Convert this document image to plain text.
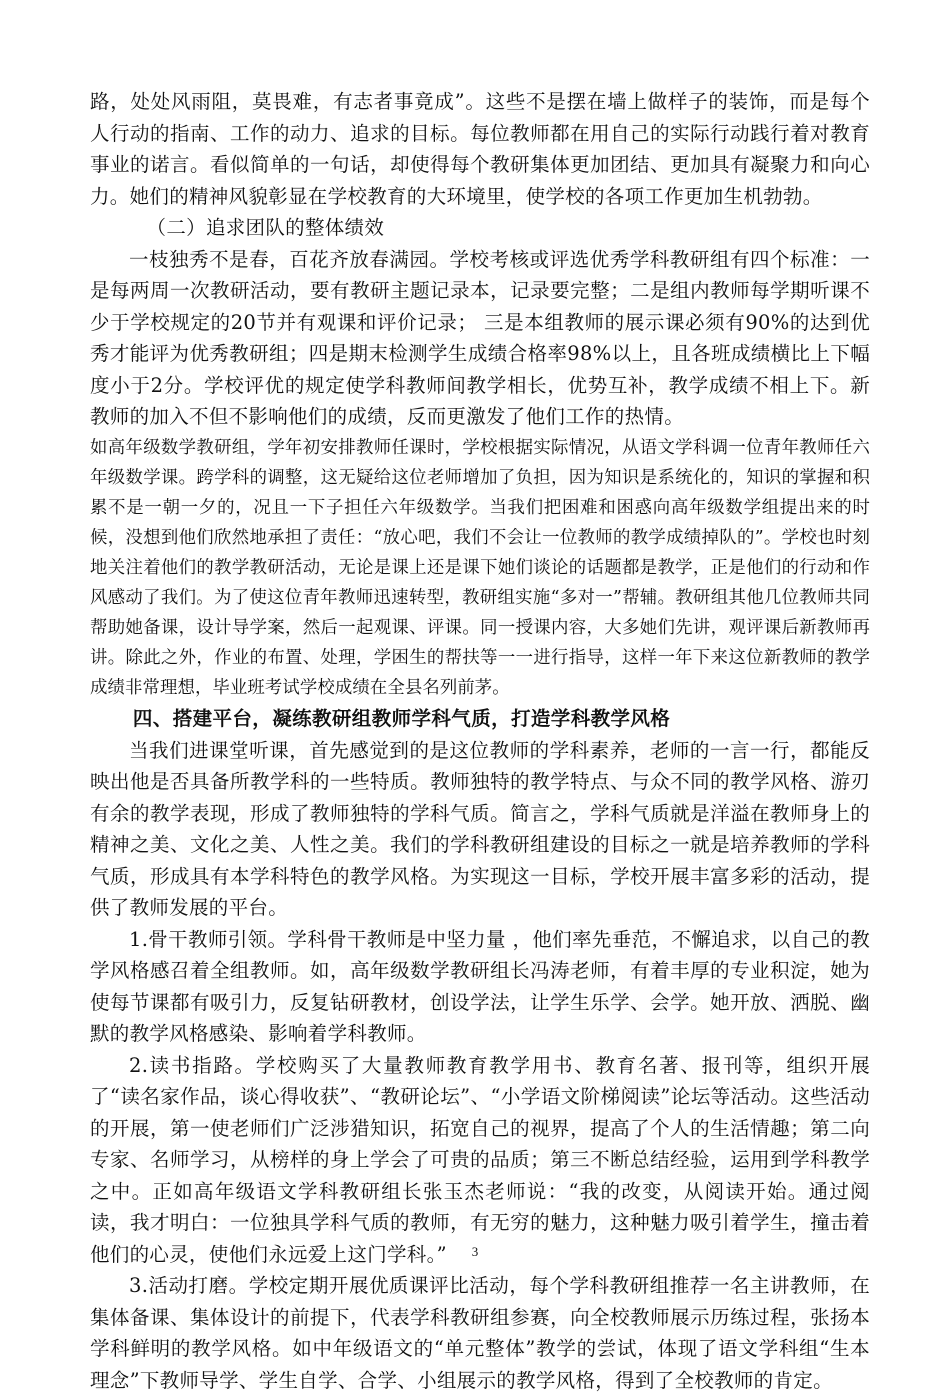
路，处处风雨阻，莫畏难，有志者事竟成”。这些不是摆在墙上做样子的装饰，而是每个人行动的指南、工作的动力、追求的目标。每位教师都在用自己的实际行动践行着对教育事业的诺言。看似简单的一句话，却使得每个教研集体更加团结、更加具有凝聚力和向心力。她们的精神风貌彰显在学校教育的大环境里，使学校的各项工作更加生机勃勃。

（二）追求团队的整体绩效

一枝独秀不是春，百花齐放春满园。学校考核或评选优秀学科教研组有四个标准：一是每两周一次教研活动，要有教研主题记录本，记录要完整；二是组内教师每学期听课不少于学校规定的20节并有观课和评价记录； 三是本组教师的展示课必须有90%的达到优秀才能评为优秀教研组；四是期末检测学生成绩合格率98%以上，且各班成绩横比上下幅度小于2分。学校评优的规定使学科教师间教学相长，优势互补，教学成绩不相上下。新教师的加入不但不影响他们的成绩，反而更激发了他们工作的热情。

如高年级数学教研组，学年初安排教师任课时，学校根据实际情况，从语文学科调一位青年教师任六年级数学课。跨学科的调整，这无疑给这位老师增加了负担，因为知识是系统化的，知识的掌握和积累不是一朝一夕的，况且一下子担任六年级数学。当我们把困难和困惑向高年级数学组提出来的时候，没想到他们欣然地承担了责任：“放心吧，我们不会让一位教师的教学成绩掉队的”。学校也时刻地关注着他们的教学教研活动，无论是课上还是课下她们谈论的话题都是教学，正是他们的行动和作风感动了我们。为了使这位青年教师迅速转型，教研组实施“多对一”帮辅。教研组其他几位教师共同帮助她备课，设计导学案，然后一起观课、评课。同一授课内容，大多她们先讲，观评课后新教师再讲。除此之外，作业的布置、处理，学困生的帮扶等一一进行指导，这样一年下来这位新教师的教学成绩非常理想，毕业班考试学校成绩在全县名列前茅。

四、搭建平台，凝练教研组教师学科气质，打造学科教学风格

当我们进课堂听课，首先感觉到的是这位教师的学科素养，老师的一言一行，都能反映出他是否具备所教学科的一些特质。教师独特的教学特点、与众不同的教学风格、游刃有余的教学表现，形成了教师独特的学科气质。简言之，学科气质就是洋溢在教师身上的精神之美、文化之美、人性之美。我们的学科教研组建设的目标之一就是培养教师的学科气质，形成具有本学科特色的教学风格。为实现这一目标，学校开展丰富多彩的活动，提供了教师发展的平台。

1.骨干教师引领。学科骨干教师是中坚力量 ，他们率先垂范，不懈追求，以自己的教学风格感召着全组教师。如，高年级数学教研组长冯涛老师，有着丰厚的专业积淀，她为使每节课都有吸引力，反复钻研教材，创设学法，让学生乐学、会学。她开放、洒脱、幽默的教学风格感染、影响着学科教师。

2.读书指路。学校购买了大量教师教育教学用书、教育名著、报刊等，组织开展了“读名家作品，谈心得收获”、“教研论坛”、“小学语文阶梯阅读”论坛等活动。这些活动的开展，第一使老师们广泛涉猎知识，拓宽自己的视界，提高了个人的生活情趣；第二向专家、名师学习，从榜样的身上学会了可贵的品质；第三不断总结经验，运用到学科教学之中。正如高年级语文学科教研组长张玉杰老师说：“我的改变，从阅读开始。通过阅读，我才明白：一位独具学科气质的教师，有无穷的魅力，这种魅力吸引着学生，撞击着他们的心灵，使他们永远爱上这门学科。”

3.活动打磨。学校定期开展优质课评比活动，每个学科教研组推荐一名主讲教师，在集体备课、集体设计的前提下，代表学科教研组参赛，向全校教师展示历练过程，张扬本学科鲜明的教学风格。如中年级语文的“单元整体”教学的尝试，体现了语文学科组“生本理念”下教师导学、学生自学、合学、小组展示的教学风格，得到了全校教师的肯定。

3
